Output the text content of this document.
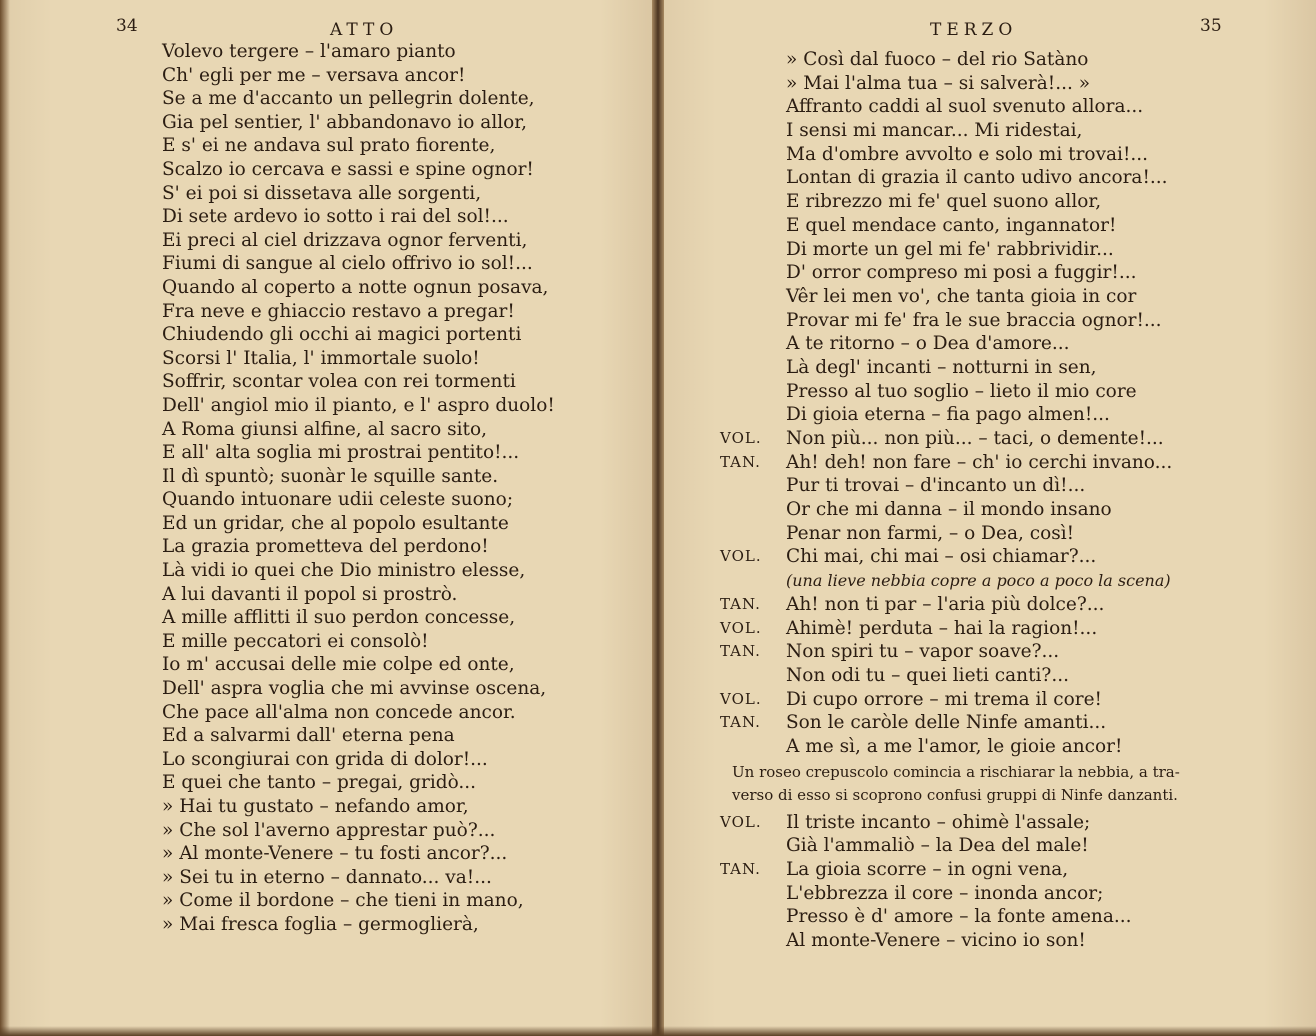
34	ATTO
Volevo tergere – l'amaro pianto
Ch' egli per me – versava ancor!
Se a me d'accanto un pellegrin dolente,
Gia pel sentier, l' abbandonavo io allor,
E s' ei ne andava sul prato fiorente,
Scalzo io cercava e sassi e spine ognor!
S' ei poi si dissetava alle sorgenti,
Di sete ardevo io sotto i rai del sol!...
Ei preci al ciel drizzava ognor ferventi,
Fiumi di sangue al cielo offrivo io sol!...
Quando al coperto a notte ognun posava,
Fra neve e ghiaccio restavo a pregar!
Chiudendo gli occhi ai magici portenti
Scorsi l' Italia, l' immortale suolo!
Soffrir, scontar volea con rei tormenti
Dell' angiol mio il pianto, e l' aspro duolo!
A Roma giunsi alfine, al sacro sito,
E all' alta soglia mi prostrai pentito!...
Il dì spuntò; suonàr le squille sante.
Quando intuonare udii celeste suono;
Ed un gridar, che al popolo esultante
La grazia prometteva del perdono!
Là vidi io quei che Dio ministro elesse,
A lui davanti il popol si prostrò.
A mille afflitti il suo perdon concesse,
E mille peccatori ei consolò!
Io m' accusai delle mie colpe ed onte,
Dell' aspra voglia che mi avvinse oscena,
Che pace all'alma non concede ancor.
Ed a salvarmi dall' eterna pena
Lo scongiurai con grida di dolor!...
E quei che tanto – pregai, gridò...
» Hai tu gustato – nefando amor,
» Che sol l'averno apprestar può?...
» Al monte-Venere – tu fosti ancor?...
» Sei tu in eterno – dannato... va!...
» Come il bordone – che tieni in mano,
» Mai fresca foglia – germoglierà,
35
TERZO
» Così dal fuoco – del rio Satàno
» Mai l'alma tua – si salverà!... »
Affranto caddi al suol svenuto allora...
I sensi mi mancar... Mi ridestai,
Ma d'ombre avvolto e solo mi trovai!...
Lontan di grazia il canto udivo ancora!...
E ribrezzo mi fe' quel suono allor,
E quel mendace canto, ingannator!
Di morte un gel mi fe' rabbrividir...
D' orror compreso mi posi a fuggir!...
Vêr lei men vo', che tanta gioia in cor
Provar mi fe' fra le sue braccia ognor!...
A te ritorno – o Dea d'amore...
Là degl' incanti – notturni in sen,
Presso al tuo soglio – lieto il mio core
Di gioia eterna – fia pago almen!...
VOL. Non più... non più... – taci, o demente!...
TAN. Ah! deh! non fare – ch' io cerchi invano...
Pur ti trovai – d'incanto un dì!...
Or che mi danna – il mondo insano
Penar non farmi, – o Dea, così!
VOL. Chi mai, chi mai – osi chiamar?...
(una lieve nebbia copre a poco a poco la scena)
TAN. Ah! non ti par – l'aria più dolce?...
VOL. Ahimè! perduta – hai la ragion!...
TAN. Non spiri tu – vapor soave?...
Non odi tu – quei lieti canti?...
VOL. Di cupo orrore – mi trema il core!
TAN. Son le caròle delle Ninfe amanti...
A me sì, a me l'amor, le gioie ancor!
Un roseo crepuscolo comincia a rischiarar la nebbia, a tra-
verso di esso si scoprono confusi gruppi di Ninfe danzanti.
VOL. Il triste incanto – ohimè l'assale;
Già l'ammaliò – la Dea del male!
TAN. La gioia scorre – in ogni vena,
L'ebbrezza il core – inonda ancor;
Presso è d' amore – la fonte amena...
Al monte-Venere – vicino io son!
